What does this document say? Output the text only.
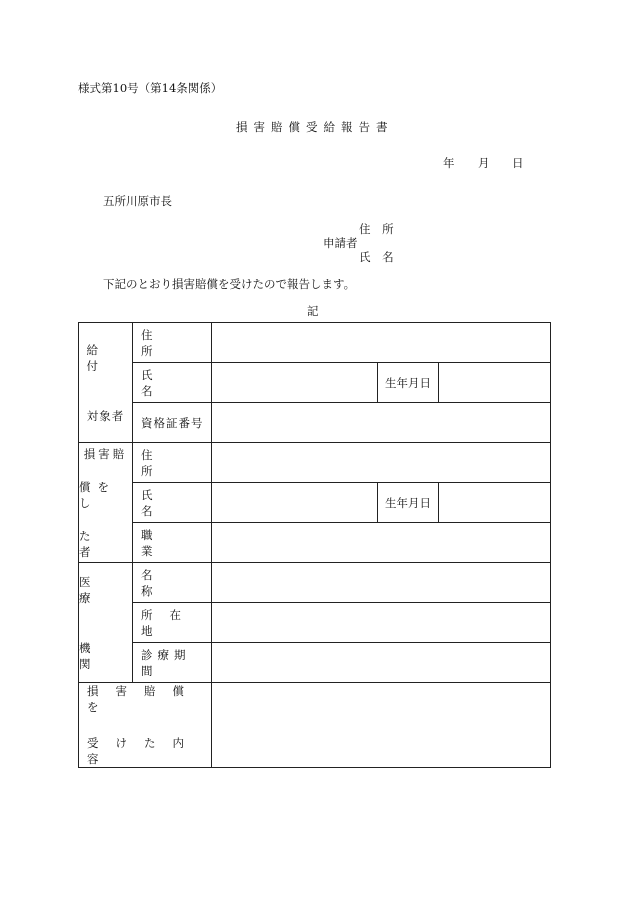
様式第10号（第14条関係）
損害賠償受給報告書
年 月 日
五所川原市長
申請者
住 所
氏 名
下記のとおり損害賠償を受けたので報告します。
記
給 付
対象者	住 所			

	氏 名		生年月日	

	資格証番号			

損害賠
償をし
た 者	住 所			

	氏 名		生年月日	

	職 業			

医 療
機 関	名 称			

	所在地			

	診療期間			

損害賠償を
受けた内容				
